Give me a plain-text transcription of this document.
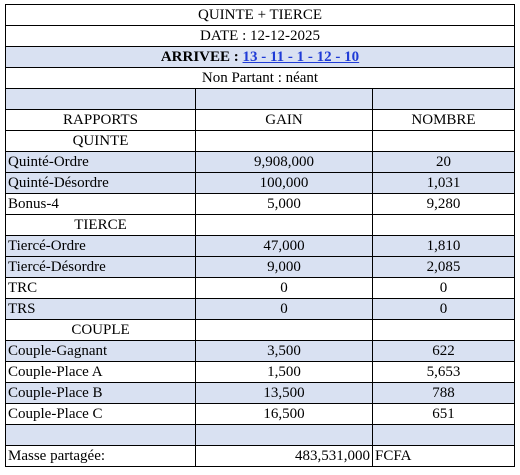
QUINTE + TIERCE		
DATE : 12-12-2025		
ARRIVEE : 13 - 11 - 1 - 12 - 10		
Non Partant : néant		

RAPPORTS	GAIN	NOMBRE
QUINTE		
Quinté-Ordre	9,908,000	20
Quinté-Désordre	100,000	1,031
Bonus-4	5,000	9,280
TIERCE		
Tiercé-Ordre	47,000	1,810
Tiercé-Désordre	9,000	2,085
TRC	0	0
TRS	0	0
COUPLE		
Couple-Gagnant	3,500	622
Couple-Place A	1,500	5,653
Couple-Place B	13,500	788
Couple-Place C	16,500	651

Masse partagée:	483,531,000	FCFA
